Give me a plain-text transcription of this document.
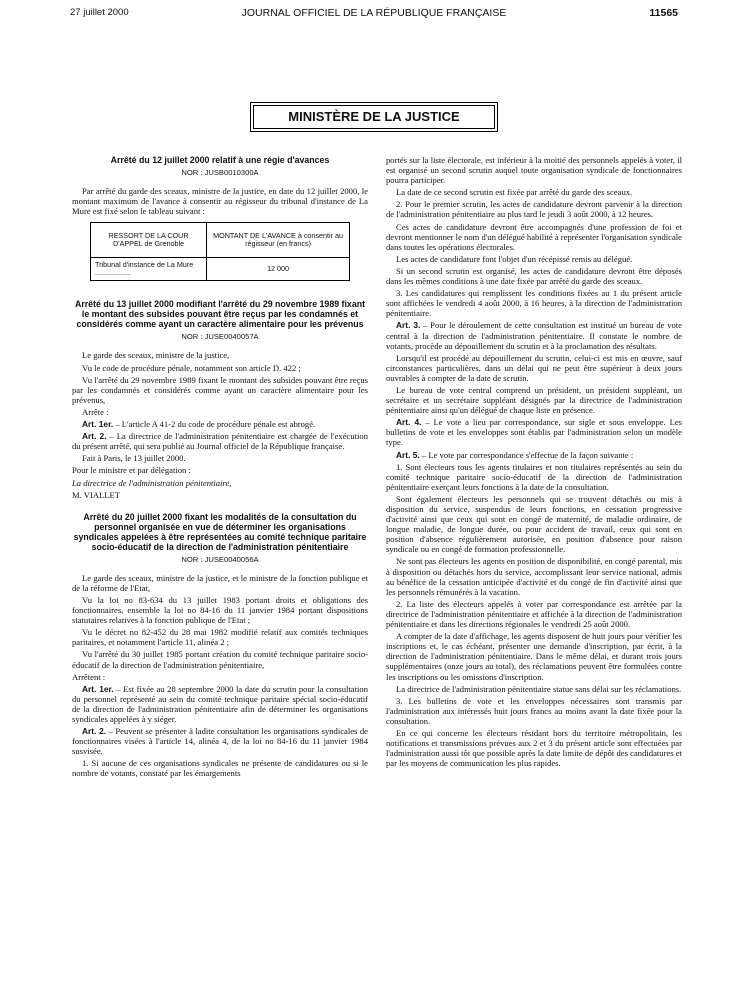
27 juillet 2000	JOURNAL OFFICIEL DE LA RÉPUBLIQUE FRANÇAISE	11565
MINISTÈRE DE LA JUSTICE
Arrêté du 12 juillet 2000 relatif à une régie d'avances
NOR : JUSB0010300A

Par arrêté du garde des sceaux, ministre de la justice, en date du 12 juillet 2000, le montant maximum de l'avance à consentir au régisseur du tribunal d'instance de La Mure est fixé selon le tableau suivant :

RESSORT DE LA COUR D'APPEL de Grenoble	MONTANT DE L'AVANCE à consentir au régisseur (en francs)
Tribunal d'instance de La Mure ..................	12 000
Arrêté du 13 juillet 2000 modifiant l'arrêté du 29 novembre 1989 fixant le montant des subsides pouvant être reçus par les condamnés et considérés comme ayant un caractère alimentaire pour les prévenus
NOR : JUSE0040057A

Le garde des sceaux, ministre de la justice,

Vu le code de procédure pénale, notamment son article D. 422 ;

Vu l'arrêté du 29 novembre 1989 fixant le montant des subsides pouvant être reçus par les condamnés et considérés comme ayant un caractère alimentaire pour les prévenus,

Arrête :

Art. 1er. – L'article A 41-2 du code de procédure pénale est abrogé.

Art. 2. – La directrice de l'administration pénitentiaire est chargée de l'exécution du présent arrêté, qui sera publié au Journal officiel de la République française.

Fait à Paris, le 13 juillet 2000.

Pour le ministre et par délégation :

La directrice de l'administration pénitentiaire,

M. VIALLET

Arrêté du 20 juillet 2000 fixant les modalités de la consultation du personnel organisée en vue de déterminer les organisations syndicales appelées à être représentées au comité technique paritaire socio-éducatif de la direction de l'administration pénitentiaire
NOR : JUSE0040056A

Le garde des sceaux, ministre de la justice, et le ministre de la fonction publique et de la réforme de l'Etat,

Vu la loi no 83-634 du 13 juillet 1983 portant droits et obligations des fonctionnaires, ensemble la loi no 84-16 du 11 janvier 1984 portant dispositions statutaires relatives à la fonction publique de l'Etat ;

Vu le décret no 82-452 du 28 mai 1982 modifié relatif aux comités techniques paritaires, et notamment l'article 11, alinéa 2 ;

Vu l'arrêté du 30 juillet 1985 portant création du comité technique paritaire socio-éducatif de la direction de l'administration pénitentiaire,

Arrêtent :

Art. 1er. – Est fixée au 28 septembre 2000 la date du scrutin pour la consultation du personnel représenté au sein du comité technique paritaire spécial socio-éducatif de la direction de l'administration pénitentiaire afin de déterminer les organisations syndicales appelées à y siéger.

Art. 2. – Peuvent se présenter à ladite consultation les organisations syndicales de fonctionnaires visées à l'article 14, alinéa 4, de la loi no 84-16 du 11 janvier 1984 susvisée.

1. Si aucune de ces organisations syndicales ne présente de candidatures ou si le nombre de votants, constaté par les émargements

portés sur la liste électorale, est inférieur à la moitié des personnels appelés à voter, il est organisé un second scrutin auquel toute organisation syndicale de fonctionnaires pourra participer.

La date de ce second scrutin est fixée par arrêté du garde des sceaux.

2. Pour le premier scrutin, les actes de candidature devront parvenir à la direction de l'administration pénitentiaire au plus tard le jeudi 3 août 2000, à 12 heures.

Ces actes de candidature devront être accompagnés d'une profession de foi et devront mentionner le nom d'un délégué habilité à représenter l'organisation syndicale dans toutes les opérations électorales.

Les actes de candidature font l'objet d'un récépissé remis au délégué.

Si un second scrutin est organisé, les actes de candidature devront être déposés dans les mêmes conditions à une date fixée par arrêté du garde des sceaux.

3. Les candidatures qui remplissent les conditions fixées au 1 du présent article sont affichées le vendredi 4 août 2000, à 16 heures, à la direction de l'administration pénitentiaire.

Art. 3. – Pour le déroulement de cette consultation est institué un bureau de vote central à la direction de l'administration pénitentiaire. Il constate le nombre de votants, procède au dépouillement du scrutin et à la proclamation des résultats.

Lorsqu'il est procédé au dépouillement du scrutin, celui-ci est mis en œuvre, sauf circonstances particulières, dans un délai qui ne peut être supérieur à deux jours ouvrables à compter de la date de scrutin.

Le bureau de vote central comprend un président, un président suppléant, un secrétaire et un secrétaire suppléant désignés par la directrice de l'administration pénitentiaire ainsi qu'un délégué de chaque liste en présence.

Art. 4. – Le vote a lieu par correspondance, sur sigle et sous enveloppe. Les bulletins de vote et les enveloppes sont établis par l'administration selon un modèle type.

Art. 5. – Le vote par correspondance s'effectue de la façon suivante :

1. Sont électeurs tous les agents titulaires et non titulaires représentés au sein du comité technique paritaire socio-éducatif de la direction de l'administration pénitentiaire exerçant leurs fonctions à la date de la consultation.

Sont également électeurs les personnels qui se trouvent détachés ou mis à disposition du service, suspendus de leurs fonctions, en cessation progressive d'activité ainsi que ceux qui sont en congé de maternité, de maladie ordinaire, de longue maladie, de longue durée, ou pour accident de travail, ceux qui sont en position d'absence régulièrement autorisée, en position d'absence pour raison syndicale ou en congé de formation professionnelle.

Ne sont pas électeurs les agents en position de disponibilité, en congé parental, mis à disposition ou détachés hors du service, accomplissant leur service national, admis au bénéfice de la cessation anticipée d'activité et du congé de fin d'activité ainsi que les personnels rémunérés à la vacation.

2. La liste des électeurs appelés à voter par correspondance est arrêtée par la directrice de l'administration pénitentiaire et affichée à la direction de l'administration pénitentiaire et dans les directions régionales le vendredi 25 août 2000.

A compter de la date d'affichage, les agents disposent de huit jours pour vérifier les inscriptions et, le cas échéant, présenter une demande d'inscription, par écrit, à la direction de l'administration pénitentiaire. Dans le même délai, et durant trois jours supplémentaires (onze jours au total), des réclamations peuvent être formulées contre les inscriptions ou les omissions d'inscription.

La directrice de l'administration pénitentiaire statue sans délai sur les réclamations.

3. Les bulletins de vote et les enveloppes nécessaires sont transmis par l'administration aux intéressés huit jours francs au moins avant la date fixée pour la consultation.

En ce qui concerne les électeurs résidant hors du territoire métropolitain, les notifications et transmissions prévues aux 2 et 3 du présent article sont effectuées par l'administration aussi tôt que possible après la date limite de dépôt des candidatures et par les moyens de communication les plus rapides.
